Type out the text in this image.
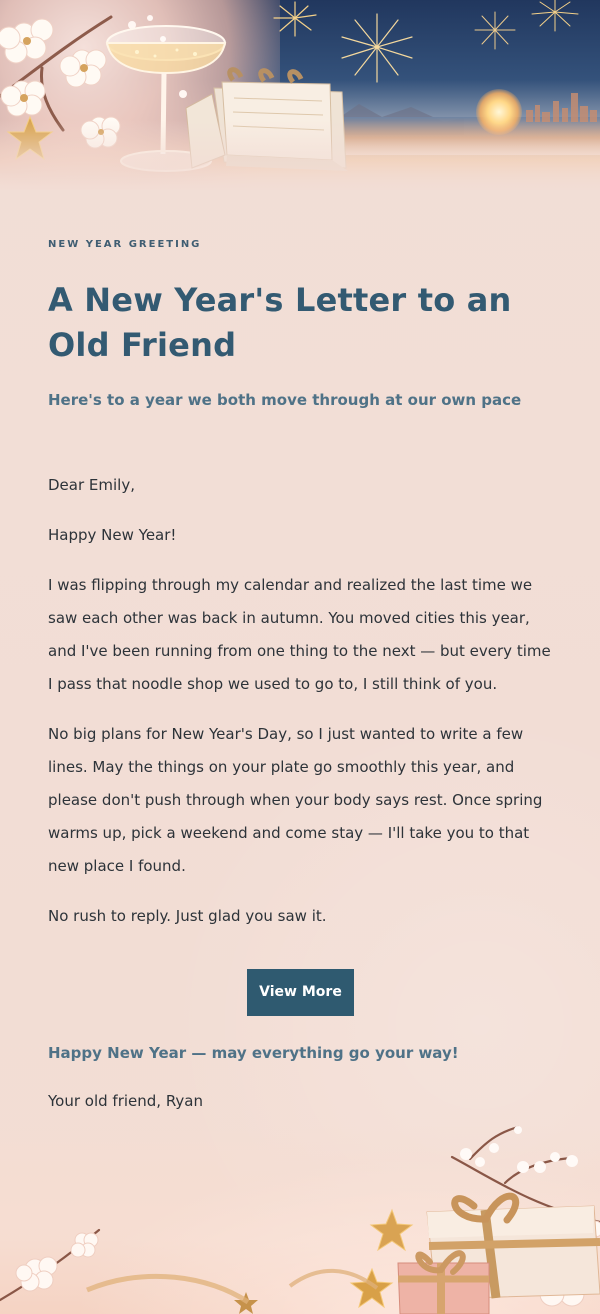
NEW YEAR GREETING

A New Year's Letter to an Old Friend

Here's to a year we both move through at our own pace

Dear Emily,

Happy New Year!

I was flipping through my calendar and realized the last time we saw each other was back in autumn. You moved cities this year, and I've been running from one thing to the next — but every time I pass that noodle shop we used to go to, I still think of you.

No big plans for New Year's Day, so I just wanted to write a few lines. May the things on your plate go smoothly this year, and please don't push through when your body says rest. Once spring warms up, pick a weekend and come stay — I'll take you to that new place I found.

No rush to reply. Just glad you saw it.

View More

Happy New Year — may everything go your way!

Your old friend, Ryan
